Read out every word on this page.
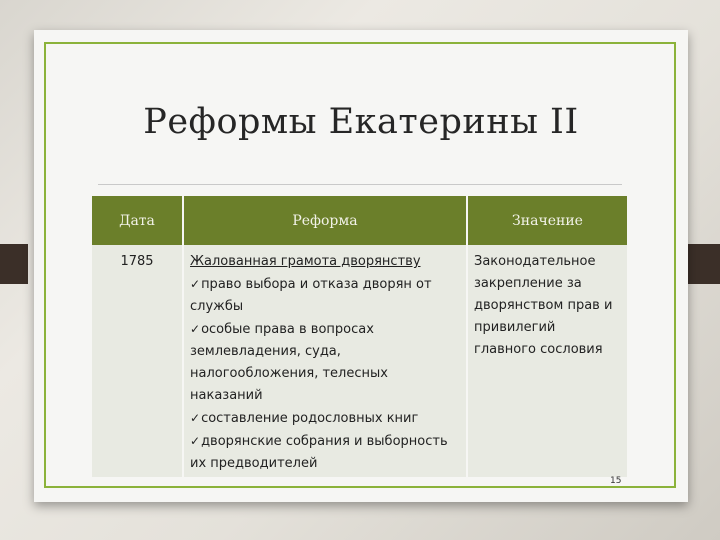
Реформы Екатерины II
Дата	Реформа	Значение
1785	Жалованная грамота дворянству
✓ право выбора и отказа дворян от службы
✓ особые права в вопросах землевладения, суда, налогообложения, телесных наказаний
✓ составление родословных книг
✓ дворянские собрания и выборность их предводителей	Законодательное закрепление за дворянством прав и привилегий главного сословия
15
